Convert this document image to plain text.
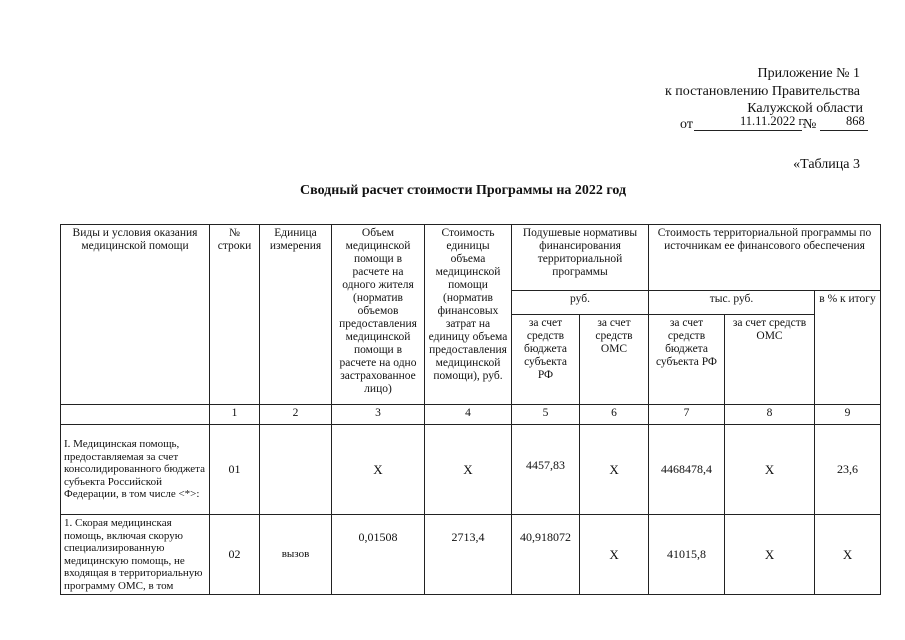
Приложение № 1
к постановлению Правительства
Калужской области
от	11.11.2022 г.
№ 868
«Таблица 3
Сводный расчет стоимости Программы на 2022 год
Виды и условия оказания медицинской помощи	№ строки	Единица измерения	Объем медицинской помощи в расчете на одного жителя (норматив объемов предоставления медицинской помощи в расчете на одно застрахованное лицо)	Стоимость единицы объема медицинской помощи (норматив финансовых затрат на единицу объема предоставления медицинской помощи), руб.	Подушевые нормативы финансирования территориальной программы		Стоимость территориальной программы по источникам ее финансового обеспечения		
					руб.		тыс. руб.		в % к итогу
					за счет средств бюджета субъекта РФ	за счет средств ОМС	за счет средств бюджета субъекта РФ	за счет средств ОМС	
	1	2	3	4	5	6	7	8	9
I. Медицинская помощь, предоставляемая за счет консолидированного бюджета субъекта Российской Федерации, в том числе <*>:	01		X	X	4457,83	X	4468478,4	X	23,6
1. Скорая медицинская помощь, включая скорую специализированную медицинскую помощь, не входящая в территориальную программу ОМС, в том	02	вызов	0,01508	2713,4	40,918072	X	41015,8	X	X
